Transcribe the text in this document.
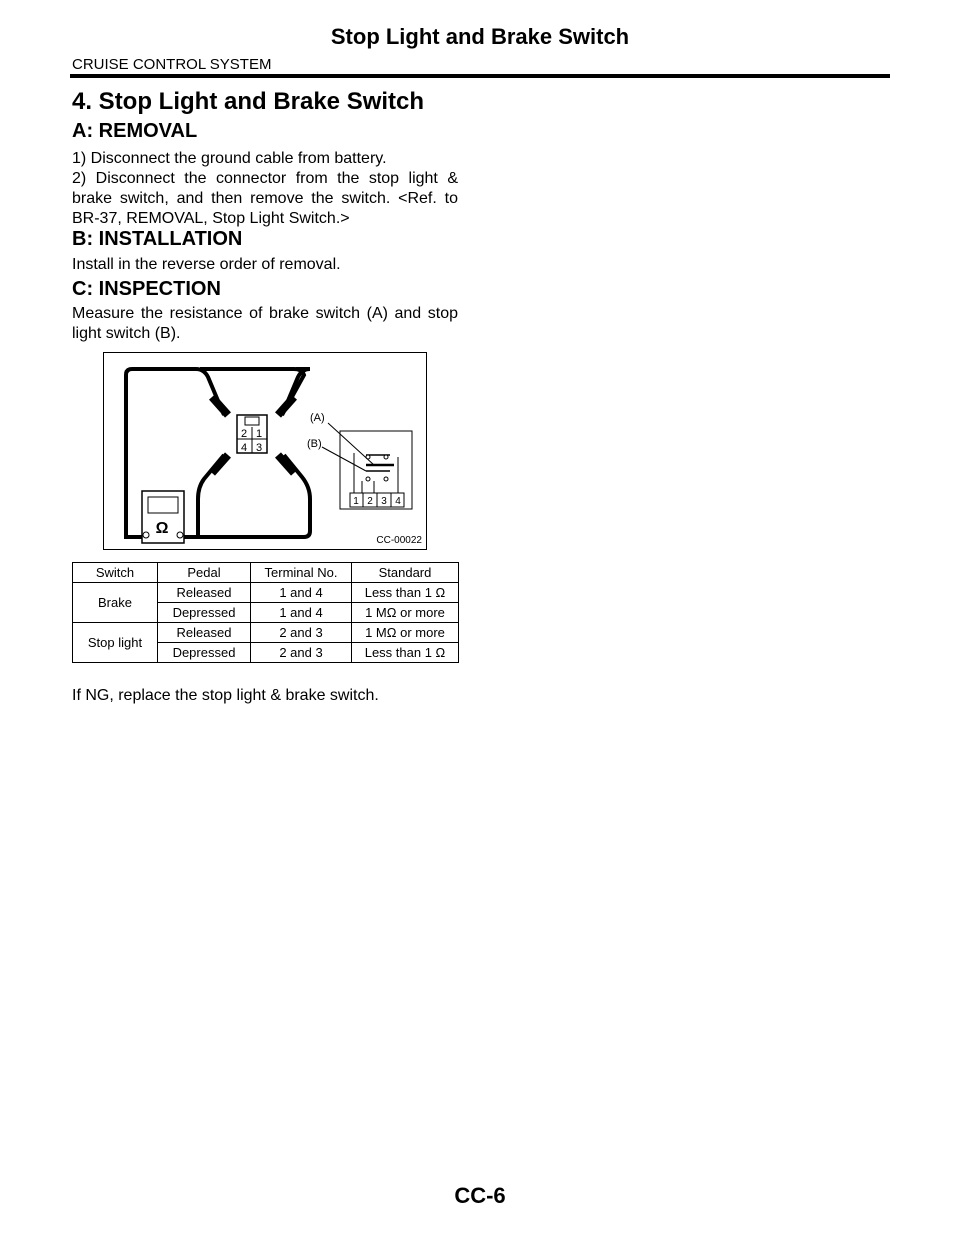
Stop Light and Brake Switch
CRUISE CONTROL SYSTEM
4. Stop Light and Brake Switch
A: REMOVAL

1) Disconnect the ground cable from battery.

2) Disconnect the connector from the stop light & brake switch, and then remove the switch. <Ref. to BR-37, REMOVAL, Stop Light Switch.>

B: INSTALLATION

Install in the reverse order of removal.

C: INSPECTION

Measure the resistance of brake switch (A) and stop light switch (B).

2 1
4 3
Ω
1 2 3 4
(A)
(B)
CC-00022
Switch	Pedal	Terminal No.	Standard
Brake	Released	1 and 4	Less than 1 Ω
	Depressed	1 and 4	1 MΩ or more
Stop light	Released	2 and 3	1 MΩ or more
	Depressed	2 and 3	Less than 1 Ω

If NG, replace the stop light & brake switch.

CC-6
